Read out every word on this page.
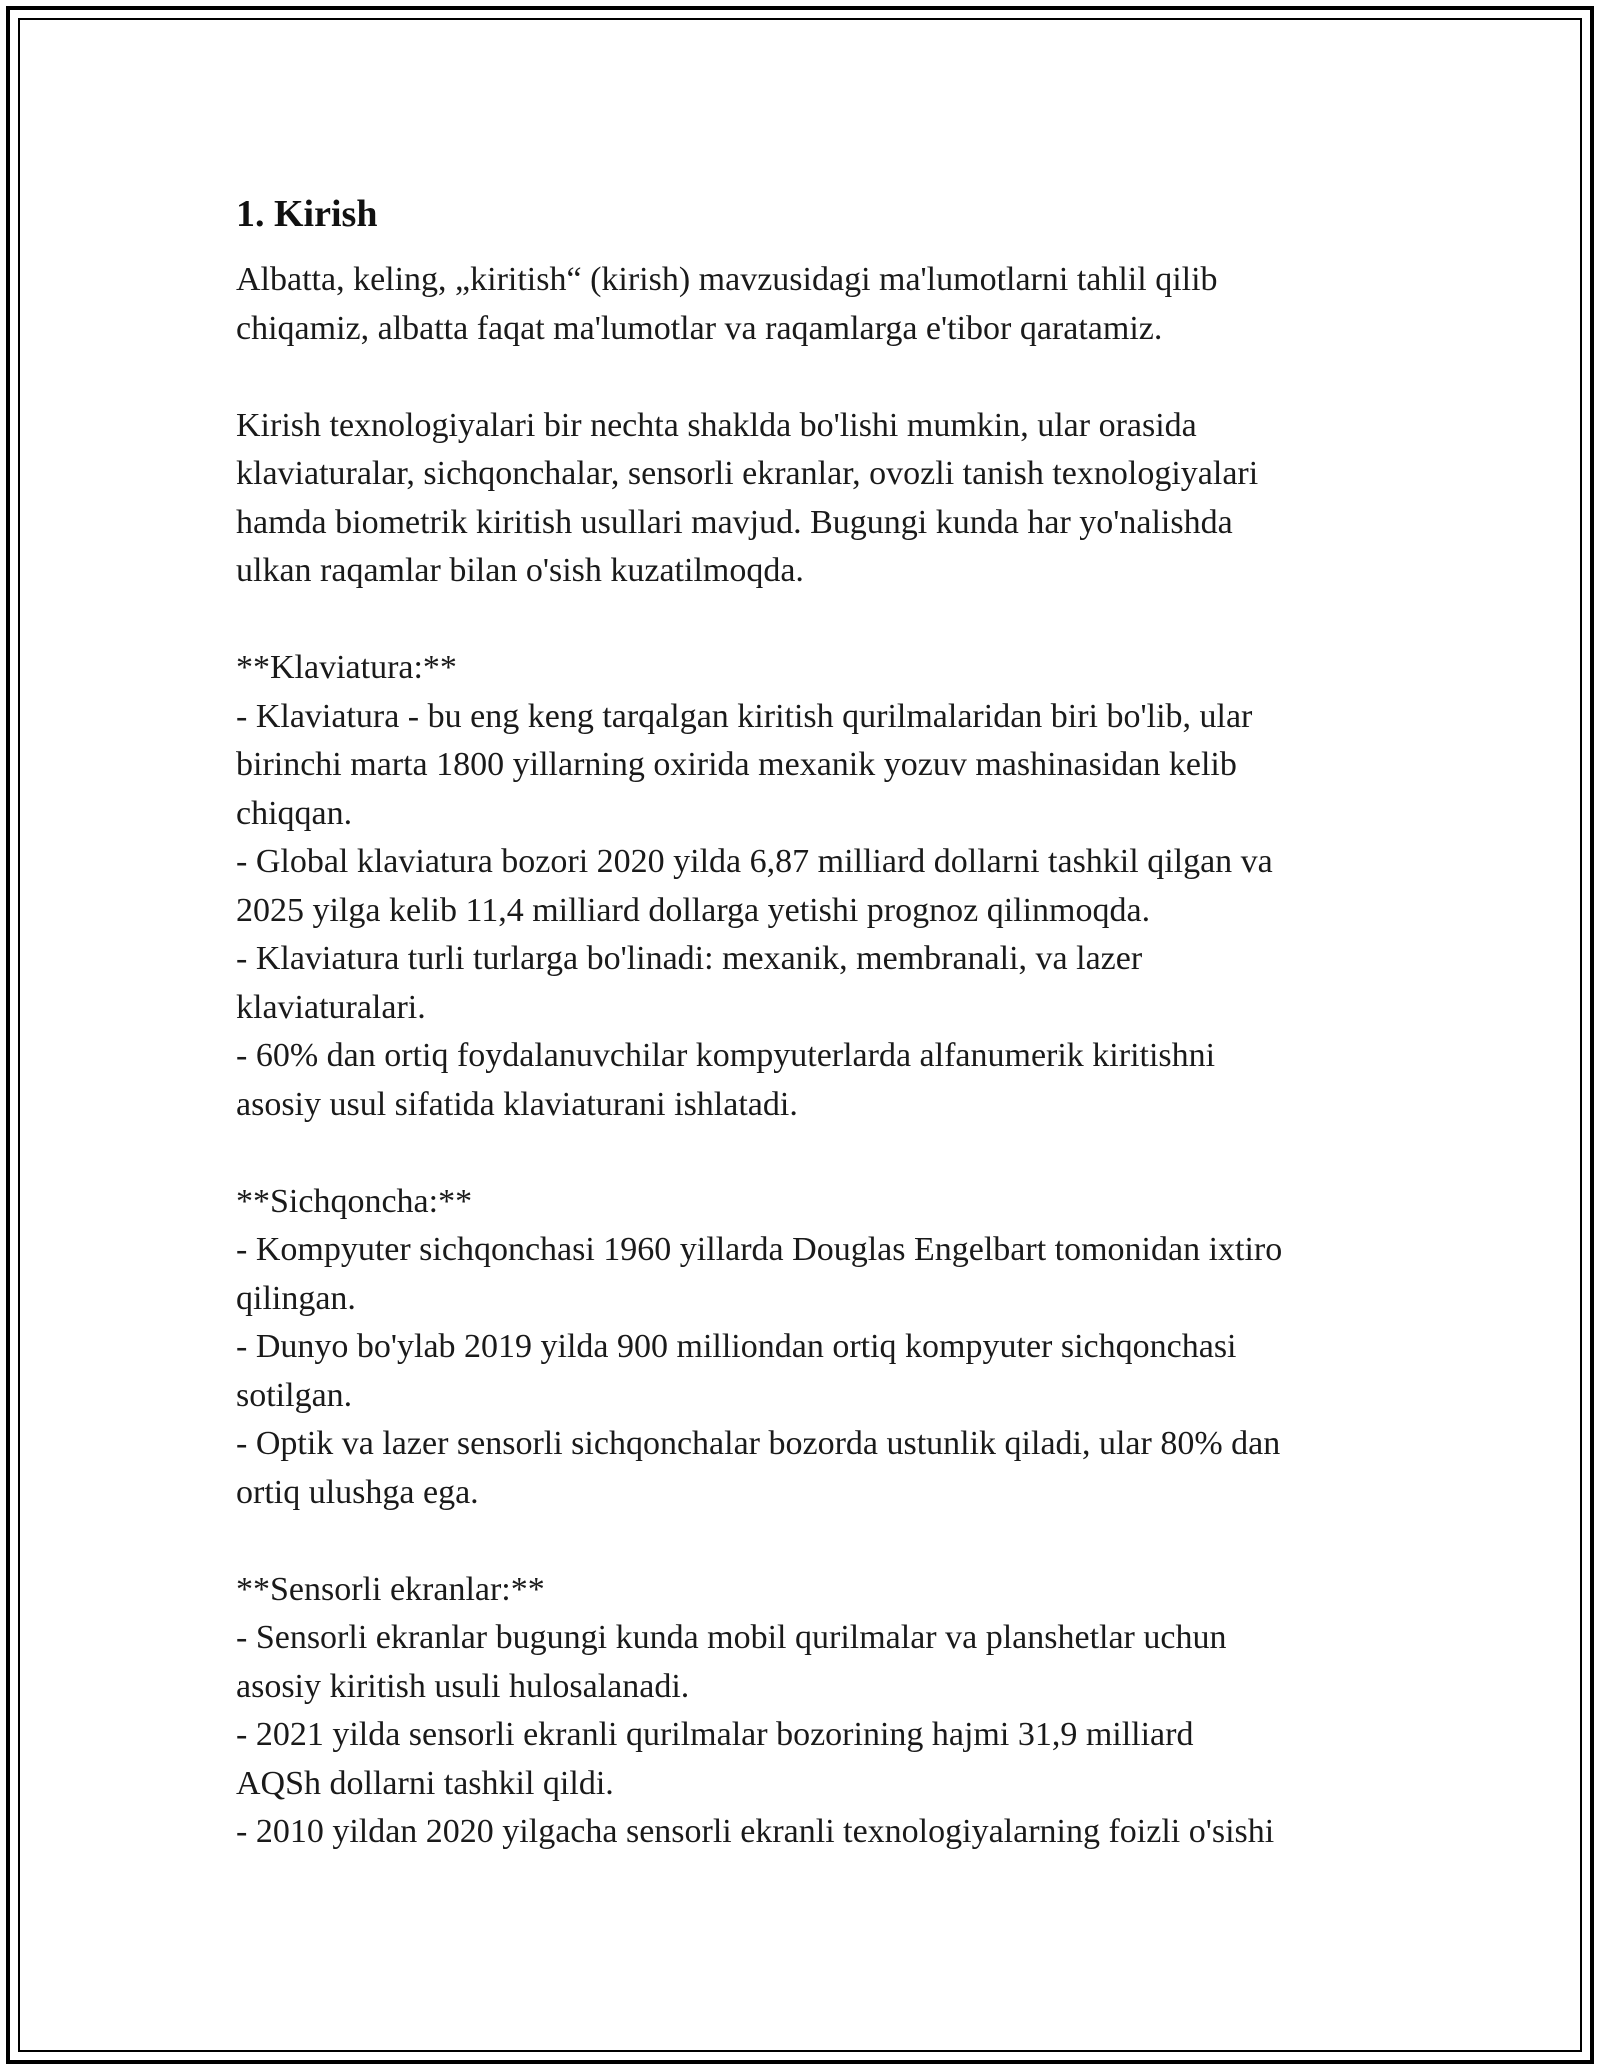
1. Kirish

Albatta, keling, „kiritish“ (kirish) mavzusidagi ma'lumotlarni tahlil qilib

chiqamiz, albatta faqat ma'lumotlar va raqamlarga e'tibor qaratamiz.

Kirish texnologiyalari bir nechta shaklda bo'lishi mumkin, ular orasida

klaviaturalar, sichqonchalar, sensorli ekranlar, ovozli tanish texnologiyalari

hamda biometrik kiritish usullari mavjud. Bugungi kunda har yo'nalishda

ulkan raqamlar bilan o'sish kuzatilmoqda.

**Klaviatura:**

- Klaviatura - bu eng keng tarqalgan kiritish qurilmalaridan biri bo'lib, ular

birinchi marta 1800 yillarning oxirida mexanik yozuv mashinasidan kelib

chiqqan.

- Global klaviatura bozori 2020 yilda 6,87 milliard dollarni tashkil qilgan va

2025 yilga kelib 11,4 milliard dollarga yetishi prognoz qilinmoqda.

- Klaviatura turli turlarga bo'linadi: mexanik, membranali, va lazer

klaviaturalari.

- 60% dan ortiq foydalanuvchilar kompyuterlarda alfanumerik kiritishni

asosiy usul sifatida klaviaturani ishlatadi.

**Sichqoncha:**

- Kompyuter sichqonchasi 1960 yillarda Douglas Engelbart tomonidan ixtiro

qilingan.

- Dunyo bo'ylab 2019 yilda 900 milliondan ortiq kompyuter sichqonchasi

sotilgan.

- Optik va lazer sensorli sichqonchalar bozorda ustunlik qiladi, ular 80% dan

ortiq ulushga ega.

**Sensorli ekranlar:**

- Sensorli ekranlar bugungi kunda mobil qurilmalar va planshetlar uchun

asosiy kiritish usuli hulosalanadi.

- 2021 yilda sensorli ekranli qurilmalar bozorining hajmi 31,9 milliard

AQSh dollarni tashkil qildi.

- 2010 yildan 2020 yilgacha sensorli ekranli texnologiyalarning foizli o'sishi
